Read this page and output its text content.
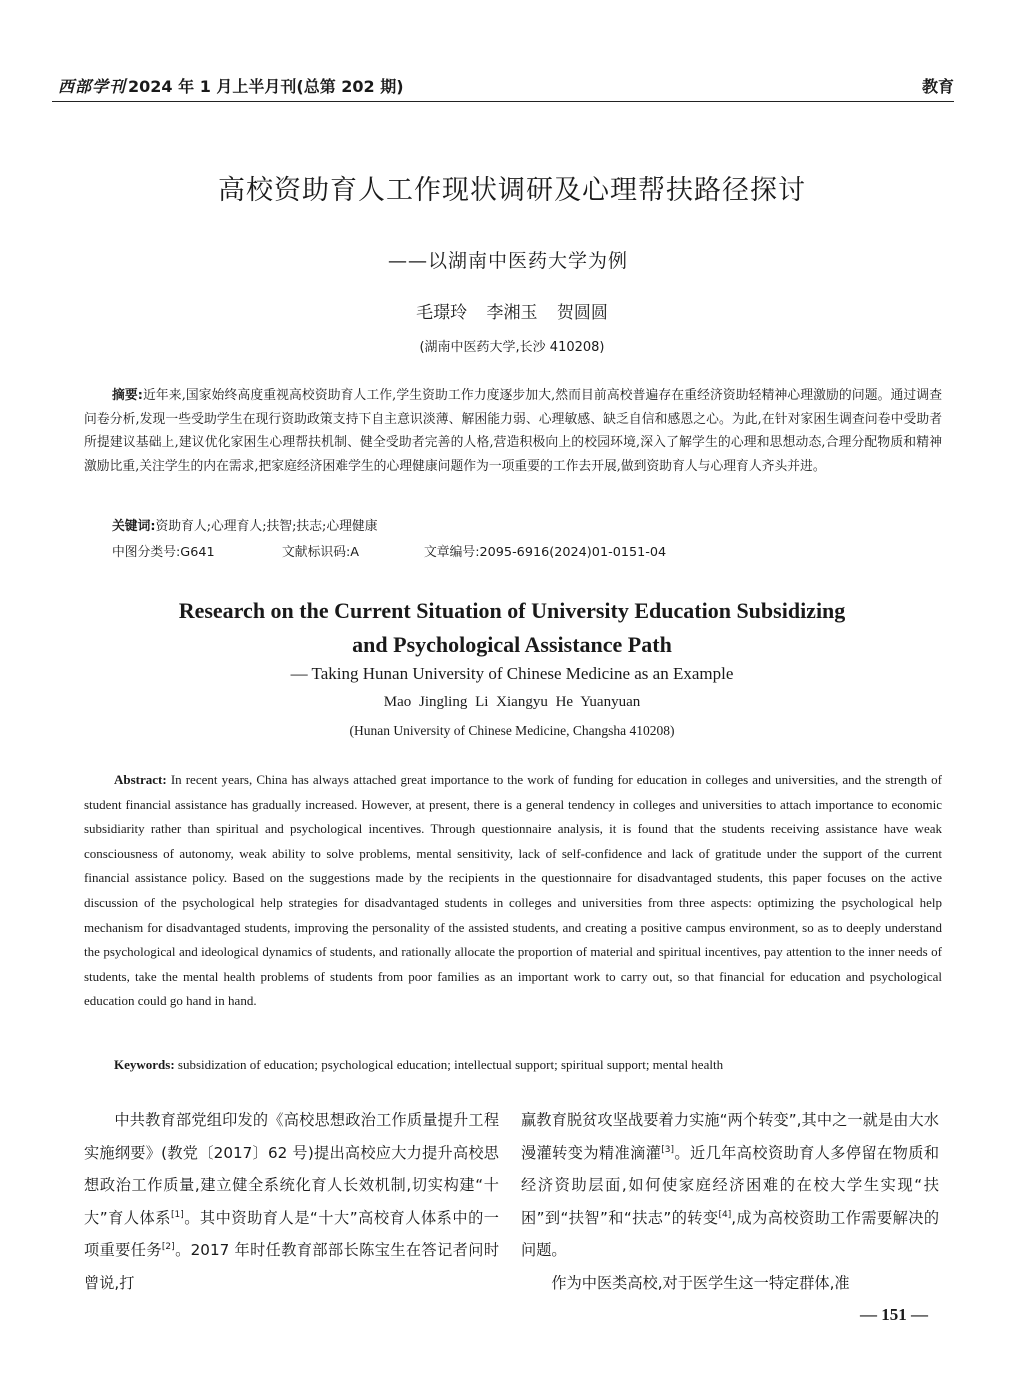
西部学刊 2024 年 1 月上半月刊(总第 202 期)	教育
高校资助育人工作现状调研及心理帮扶路径探讨
——以湖南中医药大学为例
毛璟玲 李湘玉 贺圆圆
(湖南中医药大学,长沙 410208)
摘要:近年来,国家始终高度重视高校资助育人工作,学生资助工作力度逐步加大,然而目前高校普遍存在重经济资助轻精神心理激励的问题。通过调查问卷分析,发现一些受助学生在现行资助政策支持下自主意识淡薄、解困能力弱、心理敏感、缺乏自信和感恩之心。为此,在针对家困生调查问卷中受助者所提建议基础上,建议优化家困生心理帮扶机制、健全受助者完善的人格,营造积极向上的校园环境,深入了解学生的心理和思想动态,合理分配物质和精神激励比重,关注学生的内在需求,把家庭经济困难学生的心理健康问题作为一项重要的工作去开展,做到资助育人与心理育人齐头并进。
关键词:资助育人;心理育人;扶智;扶志;心理健康
中图分类号:G641	文献标识码:A	文章编号:2095-6916(2024)01-0151-04
Research on the Current Situation of University Education Subsidizing
and Psychological Assistance Path
— Taking Hunan University of Chinese Medicine as an Example
Mao Jingling Li Xiangyu He Yuanyuan
(Hunan University of Chinese Medicine, Changsha 410208)
Abstract: In recent years, China has always attached great importance to the work of funding for education in colleges and universities, and the strength of student financial assistance has gradually increased. However, at present, there is a general tendency in colleges and universities to attach importance to economic subsidiarity rather than spiritual and psychological incentives. Through questionnaire analysis, it is found that the students receiving assistance have weak consciousness of autonomy, weak ability to solve problems, mental sensitivity, lack of self-confidence and lack of gratitude under the support of the current financial assistance policy. Based on the suggestions made by the recipients in the questionnaire for disadvantaged students, this paper focuses on the active discussion of the psychological help strategies for disadvantaged students in colleges and universities from three aspects: optimizing the psychological help mechanism for disadvantaged students, improving the personality of the assisted students, and creating a positive campus environment, so as to deeply understand the psychological and ideological dynamics of students, and rationally allocate the proportion of material and spiritual incentives, pay attention to the inner needs of students, take the mental health problems of students from poor families as an important work to carry out, so that financial for education and psychological education could go hand in hand.
Keywords: subsidization of education; psychological education; intellectual support; spiritual support; mental health

中共教育部党组印发的《高校思想政治工作质量提升工程实施纲要》(教党〔2017〕62 号)提出高校应大力提升高校思想政治工作质量,建立健全系统化育人长效机制,切实构建“十大”育人体系[1]。其中资助育人是“十大”高校育人体系中的一项重要任务[2]。2017 年时任教育部部长陈宝生在答记者问时曾说,打

赢教育脱贫攻坚战要着力实施“两个转变”,其中之一就是由大水漫灌转变为精准滴灌[3]。近几年高校资助育人多停留在物质和经济资助层面,如何使家庭经济困难的在校大学生实现“扶困”到“扶智”和“扶志”的转变[4],成为高校资助工作需要解决的问题。

作为中医类高校,对于医学生这一特定群体,准

— 151 —
